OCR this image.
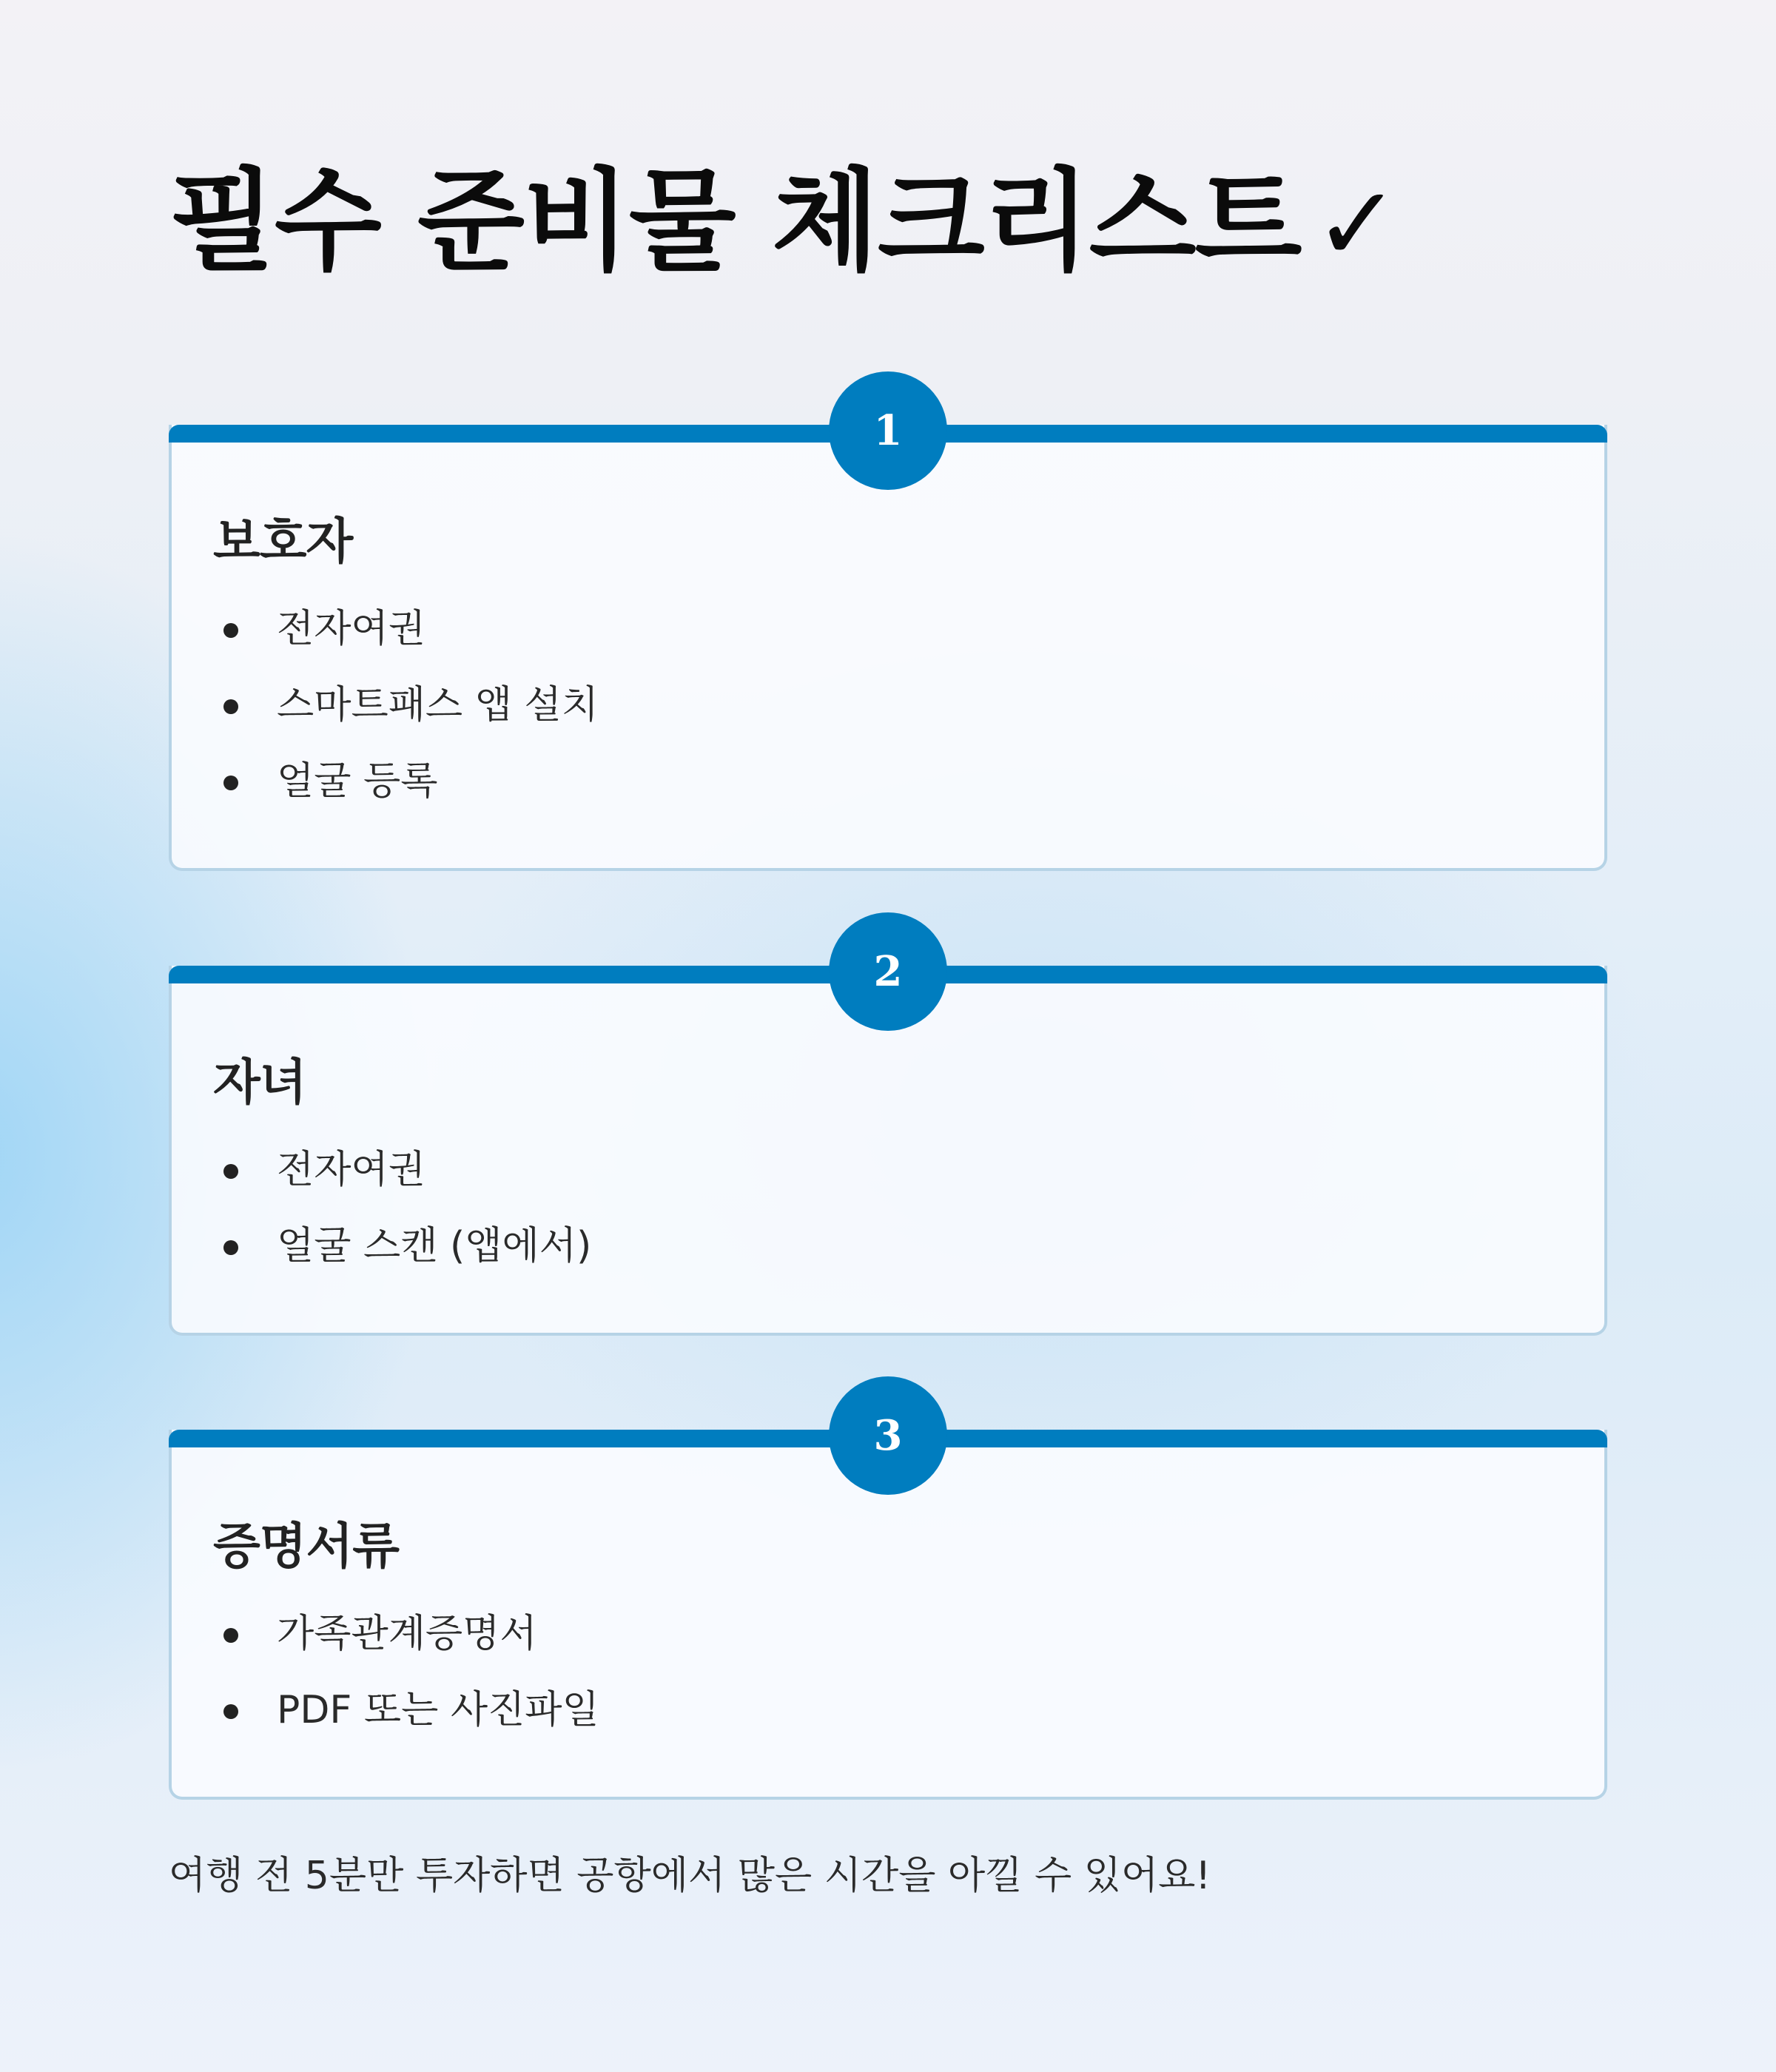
필수 준비물 체크리스트 ✓
1
보호자
전자여권
스마트패스 앱 설치
얼굴 등록
2
자녀
전자여권
얼굴 스캔 (앱에서)
3
증명서류
가족관계증명서
PDF 또는 사진파일

여행 전 5분만 투자하면 공항에서 많은 시간을 아낄 수 있어요!
